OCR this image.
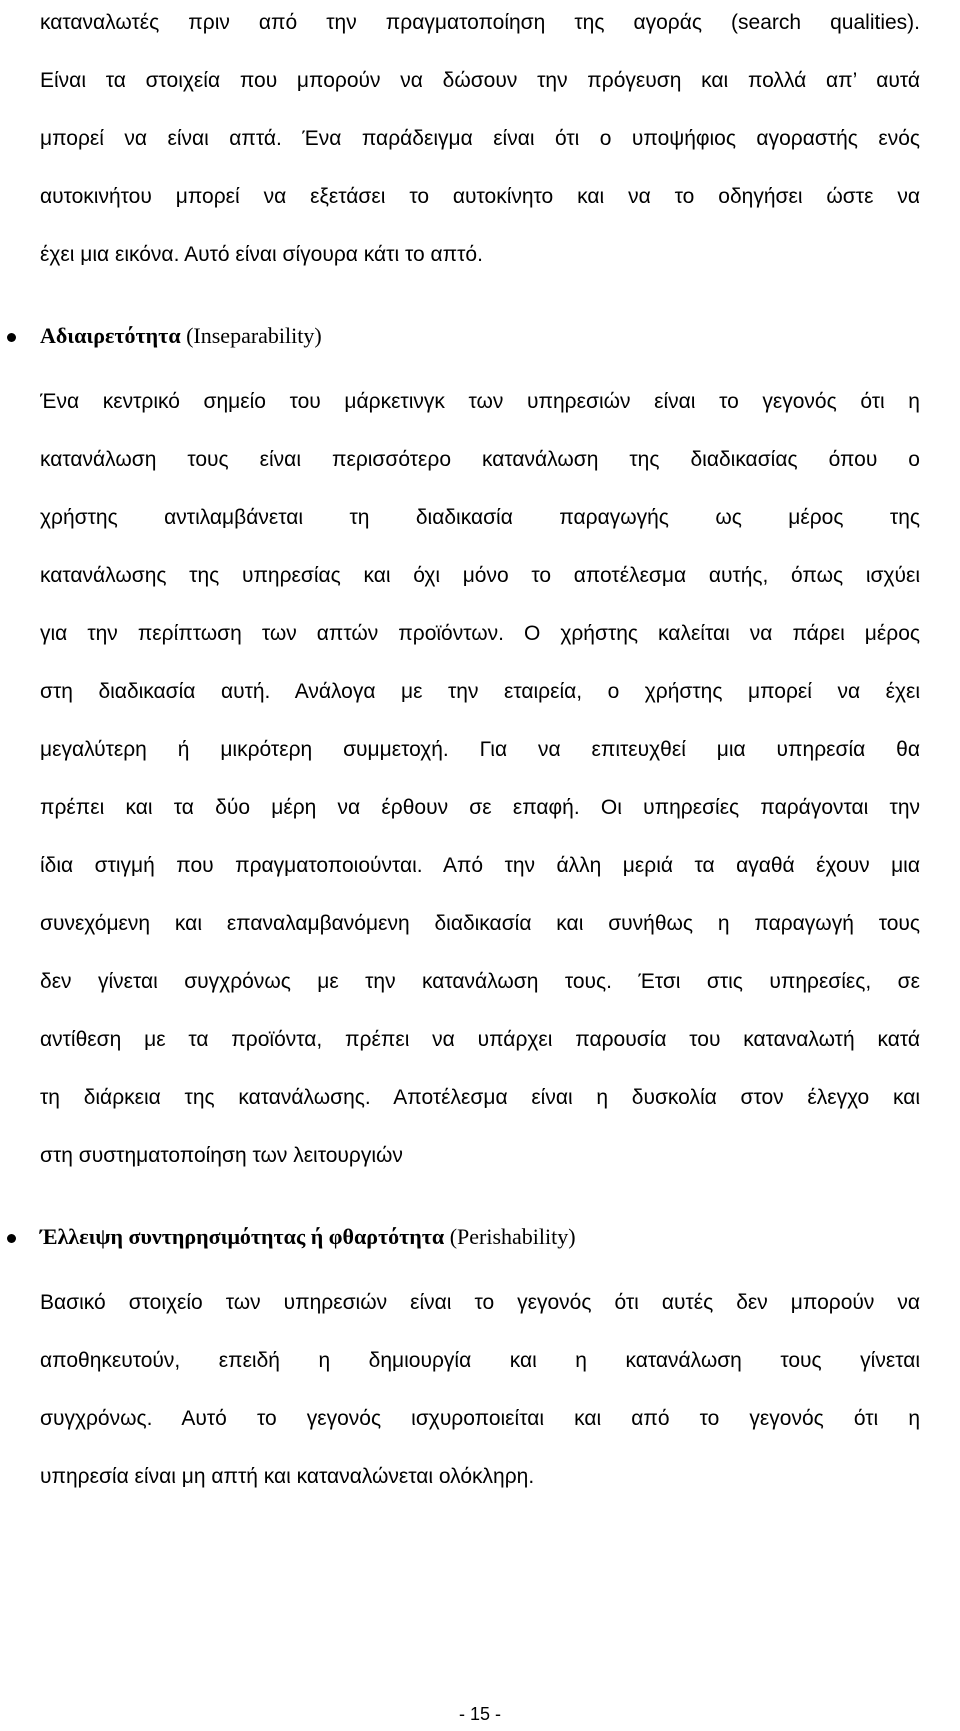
καταναλωτές πριν από την πραγματοποίηση της αγοράς (search qualities).
Είναι τα στοιχεία που μπορούν να δώσουν την πρόγευση και πολλά απ’ αυτά
μπορεί να είναι απτά. Ένα παράδειγμα είναι ότι ο υποψήφιος αγοραστής ενός
αυτοκινήτου μπορεί να εξετάσει το αυτοκίνητο και να το οδηγήσει ώστε να
έχει μια εικόνα. Αυτό είναι σίγουρα κάτι το απτό.
Αδιαιρετότητα (Inseparability)
Ένα κεντρικό σημείο του μάρκετινγκ των υπηρεσιών είναι το γεγονός ότι η
κατανάλωση τους είναι περισσότερο κατανάλωση της διαδικασίας όπου ο
χρήστης αντιλαμβάνεται τη διαδικασία παραγωγής ως μέρος της
κατανάλωσης της υπηρεσίας και όχι μόνο το αποτέλεσμα αυτής, όπως ισχύει
για την περίπτωση των απτών προϊόντων. Ο χρήστης καλείται να πάρει μέρος
στη διαδικασία αυτή. Ανάλογα με την εταιρεία, ο χρήστης μπορεί να έχει
μεγαλύτερη ή μικρότερη συμμετοχή. Για να επιτευχθεί μια υπηρεσία θα
πρέπει και τα δύο μέρη να έρθουν σε επαφή. Οι υπηρεσίες παράγονται την
ίδια στιγμή που πραγματοποιούνται. Από την άλλη μεριά τα αγαθά έχουν μια
συνεχόμενη και επαναλαμβανόμενη διαδικασία και συνήθως η παραγωγή τους
δεν γίνεται συγχρόνως με την κατανάλωση τους. Έτσι στις υπηρεσίες, σε
αντίθεση με τα προϊόντα, πρέπει να υπάρχει παρουσία του καταναλωτή κατά
τη διάρκεια της κατανάλωσης. Αποτέλεσμα είναι η δυσκολία στον έλεγχο και
στη συστηματοποίηση των λειτουργιών
Έλλειψη συντηρησιμότητας ή φθαρτότητα (Perishability)
Βασικό στοιχείο των υπηρεσιών είναι το γεγονός ότι αυτές δεν μπορούν να
αποθηκευτούν, επειδή η δημιουργία και η κατανάλωση τους γίνεται
συγχρόνως. Αυτό το γεγονός ισχυροποιείται και από το γεγονός ότι η
υπηρεσία είναι μη απτή και καταναλώνεται ολόκληρη.
- 15 -
